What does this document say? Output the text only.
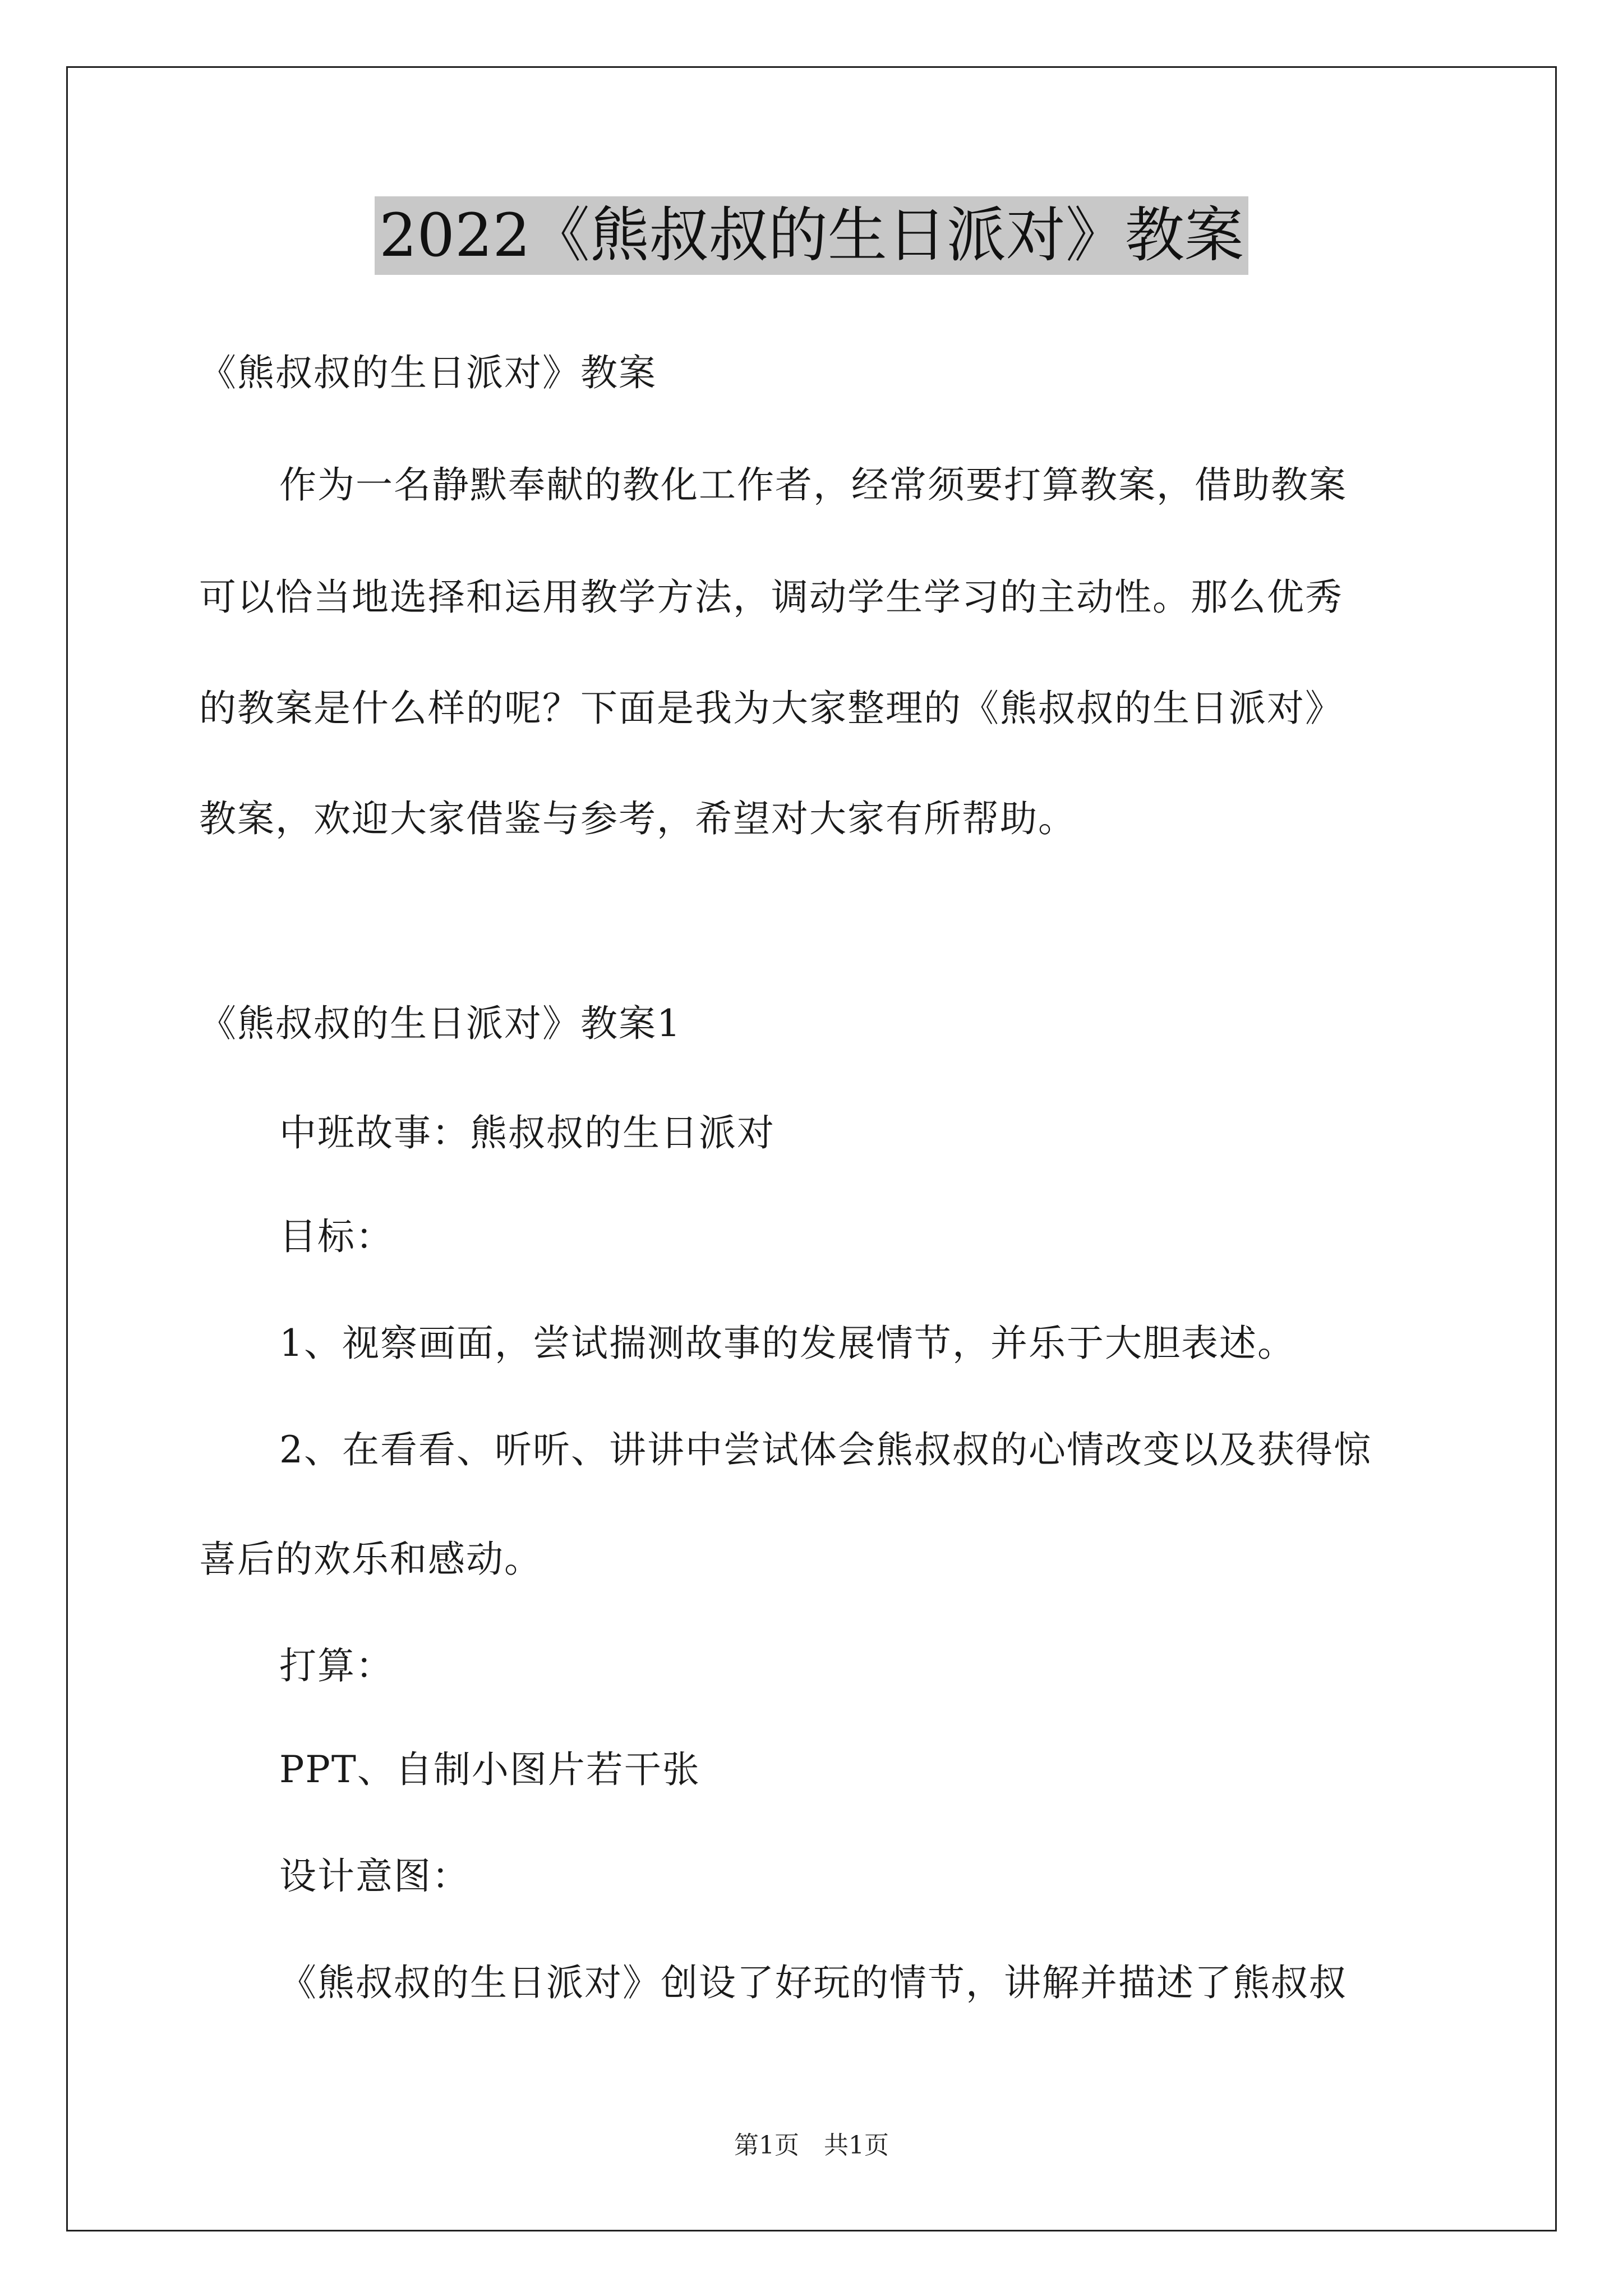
2022《熊叔叔的生日派对》教案
《熊叔叔的生日派对》教案
作为一名静默奉献的教化工作者，经常须要打算教案，借助教案
可以恰当地选择和运用教学方法，调动学生学习的主动性。那么优秀
的教案是什么样的呢？下面是我为大家整理的《熊叔叔的生日派对》
教案，欢迎大家借鉴与参考，希望对大家有所帮助。
《熊叔叔的生日派对》教案1
中班故事：熊叔叔的生日派对
目标：
1、视察画面，尝试揣测故事的发展情节，并乐于大胆表述。
2、在看看、听听、讲讲中尝试体会熊叔叔的心情改变以及获得惊
喜后的欢乐和感动。
打算：
PPT、自制小图片若干张
设计意图：
《熊叔叔的生日派对》创设了好玩的情节，讲解并描述了熊叔叔
第1页　共1页
